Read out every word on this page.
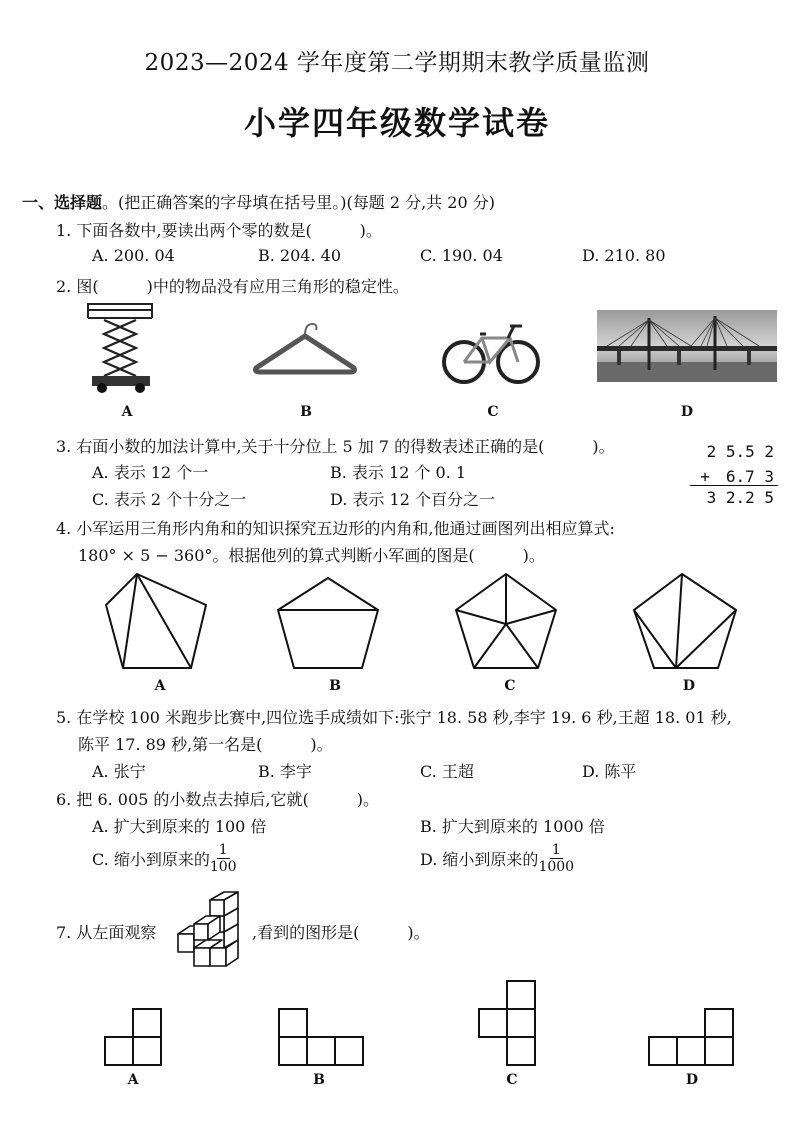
2023—2024 学年度第二学期期末教学质量监测
小学四年级数学试卷
一、选择题。(把正确答案的字母填在括号里。)(每题 2 分,共 20 分)
1. 下面各数中,要读出两个零的数是(　　　)。
A. 200. 04	B. 204. 40	C. 190. 04	D. 210. 80
2. 图(　　　)中的物品没有应用三角形的稳定性。
A	B	C	D
3. 右面小数的加法计算中,关于十分位上 5 加 7 的得数表述正确的是(　　　)。
A. 表示 12 个一	B. 表示 12 个 0. 1
C. 表示 2 个十分之一	D. 表示 12 个百分之一
2 5.5 2
+　6.7 3
3 2.2 5
4. 小军运用三角形内角和的知识探究五边形的内角和,他通过画图列出相应算式:
180° × 5 − 360°。根据他列的算式判断小军画的图是(　　　)。
A	B	C	D
5. 在学校 100 米跑步比赛中,四位选手成绩如下:张宁 18. 58 秒,李宇 19. 6 秒,王超 18. 01 秒,
陈平 17. 89 秒,第一名是(　　　)。
A. 张宁	B. 李宇	C. 王超	D. 陈平
6. 把 6. 005 的小数点去掉后,它就(　　　)。
A. 扩大到原来的 100 倍	B. 扩大到原来的 1000 倍
C. 缩小到原来的 $\frac{1}{100}$	D. 缩小到原来的 $\frac{1}{1000}$
7. 从左面观察	,看到的图形是(　　　)。
A	B	C	D
